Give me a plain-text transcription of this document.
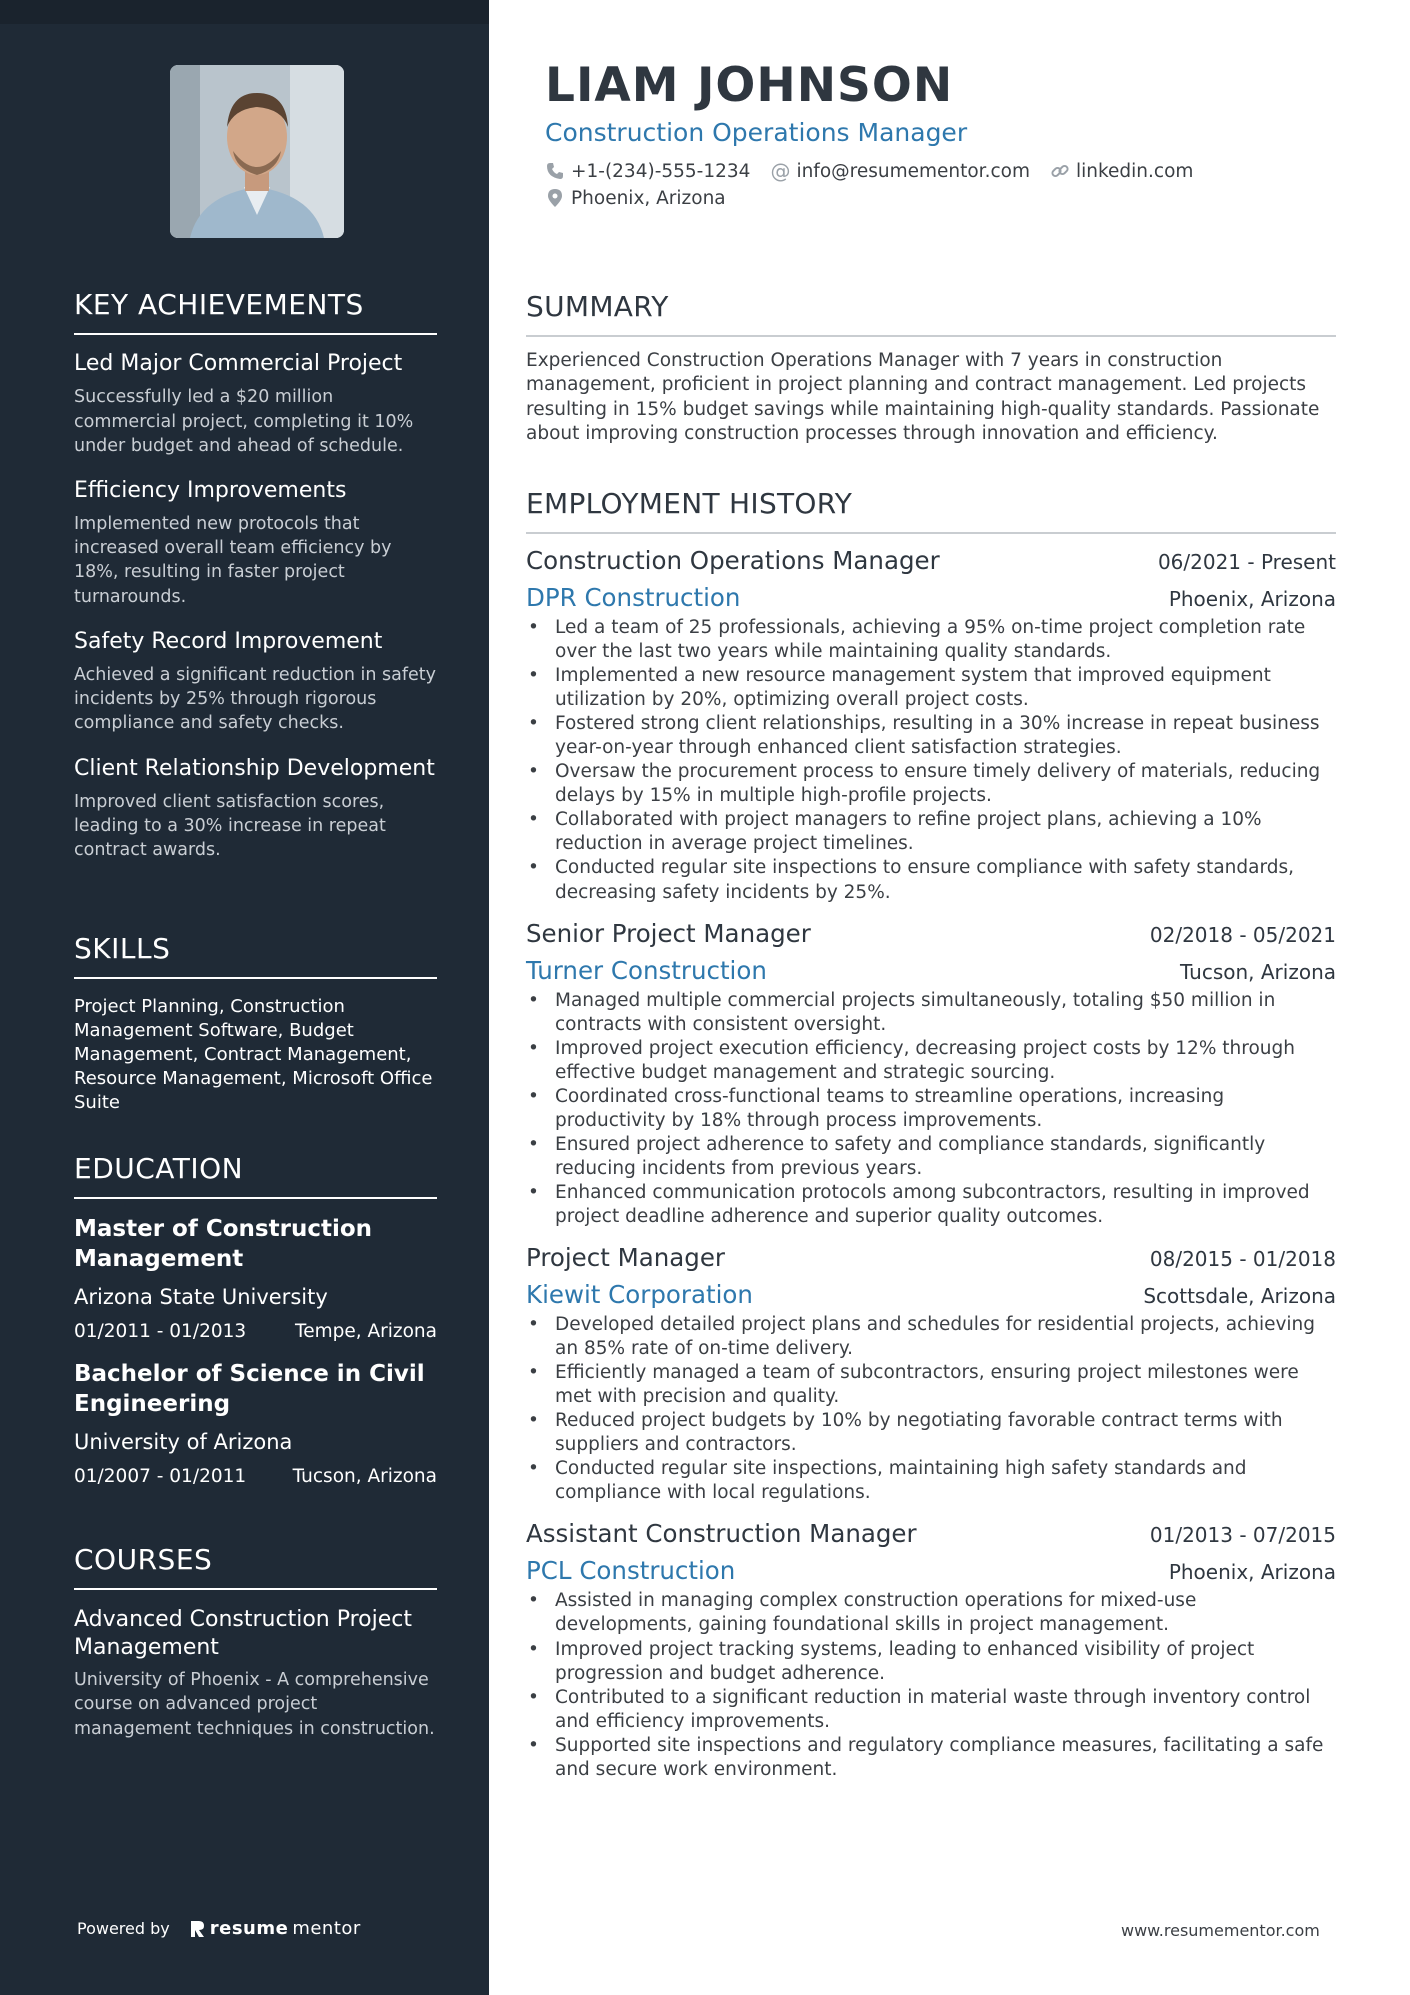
KEY ACHIEVEMENTS
Led Major Commercial Project
Successfully led a $20 million commercial project, completing it 10% under budget and ahead of schedule.
Efficiency Improvements
Implemented new protocols that increased overall team efficiency by 18%, resulting in faster project turnarounds.
Safety Record Improvement
Achieved a significant reduction in safety incidents by 25% through rigorous compliance and safety checks.
Client Relationship Development
Improved client satisfaction scores, leading to a 30% increase in repeat contract awards.
SKILLS
Project Planning, Construction Management Software, Budget Management, Contract Management, Resource Management, Microsoft Office Suite
EDUCATION
Master of Construction Management
Arizona State University
01/2011 - 01/2013	Tempe, Arizona
Bachelor of Science in Civil Engineering
University of Arizona
01/2007 - 01/2011	Tucson, Arizona
COURSES
Advanced Construction Project Management
University of Phoenix - A comprehensive course on advanced project management techniques in construction.
Powered by resume mentor
LIAM JOHNSON
Construction Operations Manager
+1-(234)-555-1234 @ info@resumementor.com linkedin.com
Phoenix, Arizona
SUMMARY
Experienced Construction Operations Manager with 7 years in construction management, proficient in project planning and contract management. Led projects resulting in 15% budget savings while maintaining high-quality standards. Passionate about improving construction processes through innovation and efficiency.
EMPLOYMENT HISTORY
Construction Operations Manager	06/2021 - Present
DPR Construction	Phoenix, Arizona
• Led a team of 25 professionals, achieving a 95% on-time project completion rate over the last two years while maintaining quality standards.
• Implemented a new resource management system that improved equipment utilization by 20%, optimizing overall project costs.
• Fostered strong client relationships, resulting in a 30% increase in repeat business year-on-year through enhanced client satisfaction strategies.
• Oversaw the procurement process to ensure timely delivery of materials, reducing delays by 15% in multiple high-profile projects.
• Collaborated with project managers to refine project plans, achieving a 10% reduction in average project timelines.
• Conducted regular site inspections to ensure compliance with safety standards, decreasing safety incidents by 25%.
Senior Project Manager	02/2018 - 05/2021
Turner Construction	Tucson, Arizona
• Managed multiple commercial projects simultaneously, totaling $50 million in contracts with consistent oversight.
• Improved project execution efficiency, decreasing project costs by 12% through effective budget management and strategic sourcing.
• Coordinated cross-functional teams to streamline operations, increasing productivity by 18% through process improvements.
• Ensured project adherence to safety and compliance standards, significantly reducing incidents from previous years.
• Enhanced communication protocols among subcontractors, resulting in improved project deadline adherence and superior quality outcomes.
Project Manager	08/2015 - 01/2018
Kiewit Corporation	Scottsdale, Arizona
• Developed detailed project plans and schedules for residential projects, achieving an 85% rate of on-time delivery.
• Efficiently managed a team of subcontractors, ensuring project milestones were met with precision and quality.
• Reduced project budgets by 10% by negotiating favorable contract terms with suppliers and contractors.
• Conducted regular site inspections, maintaining high safety standards and compliance with local regulations.
Assistant Construction Manager	01/2013 - 07/2015
PCL Construction	Phoenix, Arizona
• Assisted in managing complex construction operations for mixed-use developments, gaining foundational skills in project management.
• Improved project tracking systems, leading to enhanced visibility of project progression and budget adherence.
• Contributed to a significant reduction in material waste through inventory control and efficiency improvements.
• Supported site inspections and regulatory compliance measures, facilitating a safe and secure work environment.
www.resumementor.com
